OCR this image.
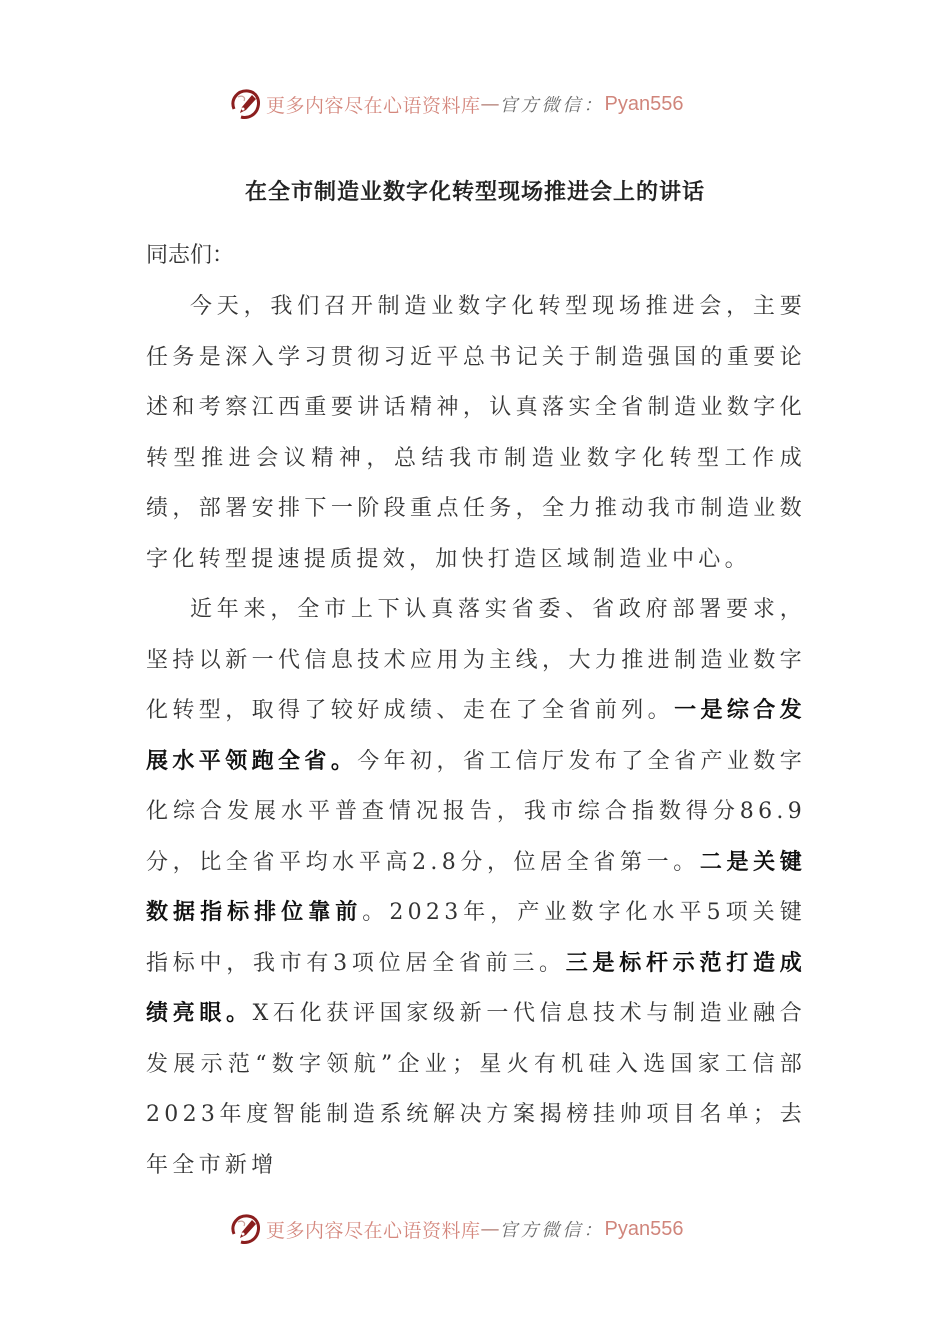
更多内容尽在心语资料库 — 官方微信： Pyan556
在全市制造业数字化转型现场推进会上的讲话
同志们：

今天，我们召开制造业数字化转型现场推进会，主要任务是深入学习贯彻习近平总书记关于制造强国的重要论述和考察江西重要讲话精神，认真落实全省制造业数字化转型推进会议精神，总结我市制造业数字化转型工作成绩，部署安排下一阶段重点任务，全力推动我市制造业数字化转型提速提质提效，加快打造区域制造业中心。

近年来，全市上下认真落实省委、省政府部署要求，坚持以新一代信息技术应用为主线，大力推进制造业数字化转型，取得了较好成绩、走在了全省前列。一是综合发展水平领跑全省。今年初，省工信厅发布了全省产业数字化综合发展水平普查情况报告，我市综合指数得分86.9分，比全省平均水平高2.8分，位居全省第一。二是关键数据指标排位靠前。2023年，产业数字化水平5项关键指标中，我市有3项位居全省前三。三是标杆示范打造成绩亮眼。X石化获评国家级新一代信息技术与制造业融合发展示范“数字领航”企业；星火有机硅入选国家工信部2023年度智能制造系统解决方案揭榜挂帅项目名单；去年全市新增

更多内容尽在心语资料库 — 官方微信： Pyan556
